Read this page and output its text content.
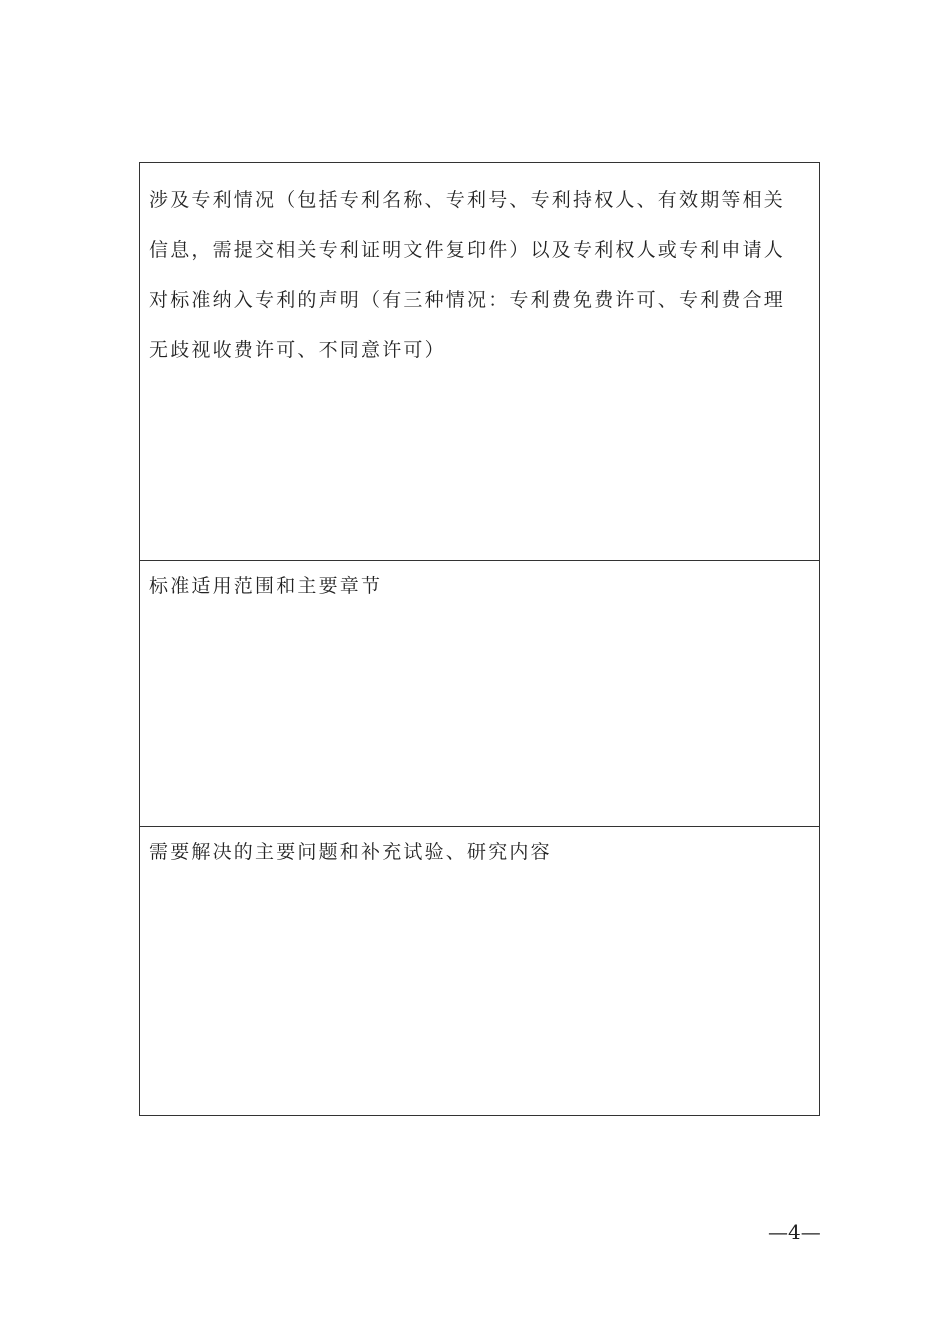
涉及专利情况（包括专利名称、专利号、专利持权人、有效期等相关
信息，需提交相关专利证明文件复印件）以及专利权人或专利申请人
对标准纳入专利的声明（有三种情况：专利费免费许可、专利费合理
无歧视收费许可、不同意许可）

标准适用范围和主要章节

需要解决的主要问题和补充试验、研究内容

—4—
